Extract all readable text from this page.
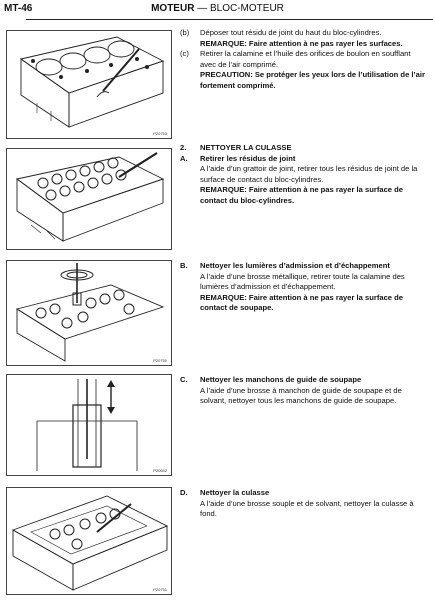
MT-46	MOTEUR — BLOC-MOTEUR
P20753
P20750
P20692
P20751
(b) Déposer tout résidu de joint du haut du bloc-cylindres.

REMARQUE: Faire attention à ne pas rayer les surfaces.

(c) Retirer la calamine et l’huile des orifices de boulon en soufflant avec de l’air comprimé.

PRECAUTION: Se protéger les yeux lors de l’utilisation de l’air fortement comprimé.

2. NETTOYER LA CULASSE

A. Retirer les résidus de joint

A l’aide d’un grattoir de joint, retirer tous les résidus de joint de la surface de contact du bloc-cylindres.

REMARQUE: Faire attention à ne pas rayer la surface de contact du bloc-cylindres.

B. Nettoyer les lumières d’admission et d’échappement

A l’aide d’une brosse métallique, retirer toute la calamine des lumières d’admission et d’échappement.

REMARQUE: Faire attention à ne pas rayer la surface de contact de soupape.

C. Nettoyer les manchons de guide de soupape

A l’aide d’une brosse à manchon de guide de soupape et de solvant, nettoyer tous les manchons de guide de soupape.

D. Nettoyer la culasse

A l’aide d’une brosse souple et de solvant, nettoyer la culasse à fond.
